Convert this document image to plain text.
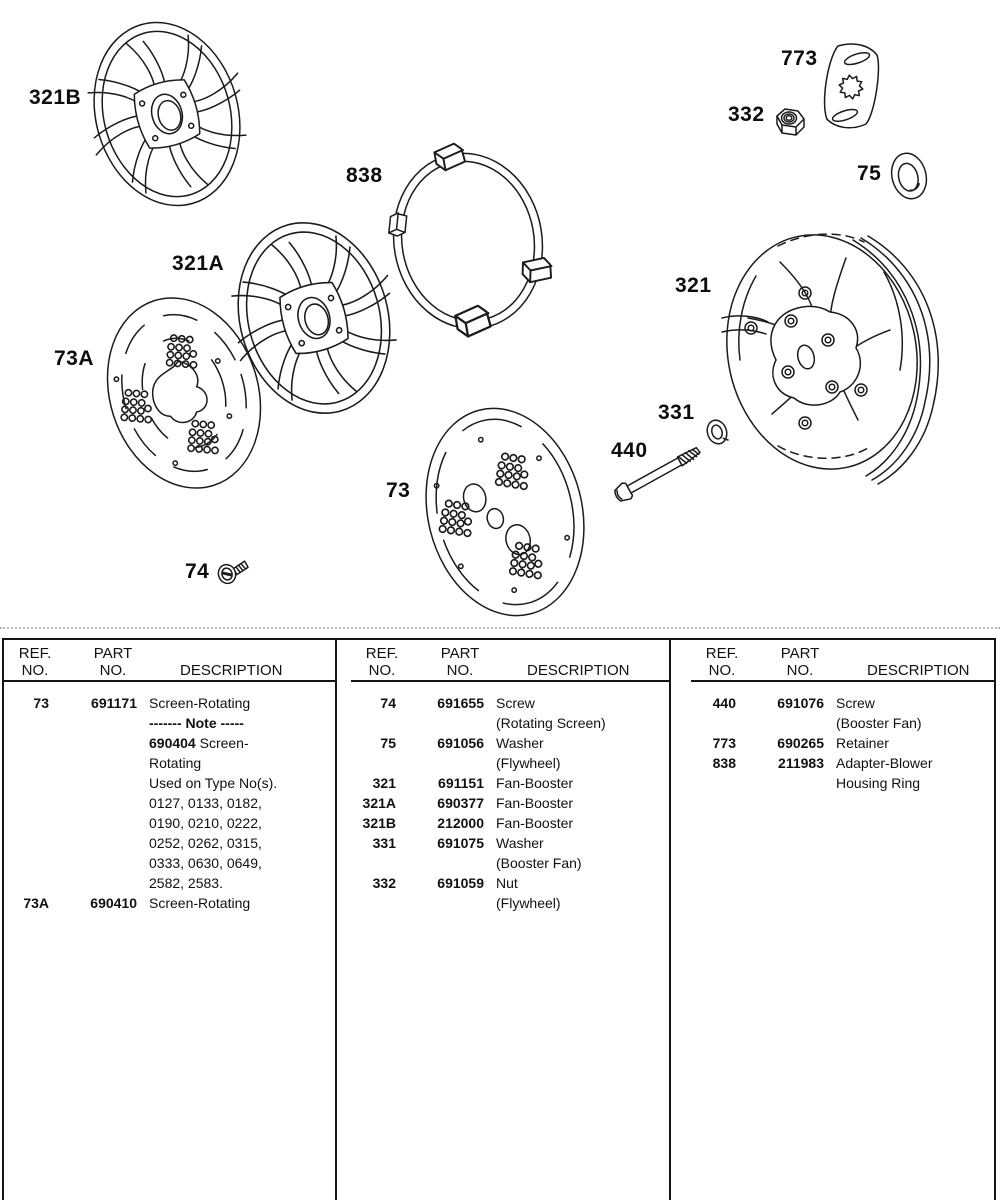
321B
321A
73A
838
773
332
75
321
331
440
73
74
REF.	PART
NO.	NO.	DESCRIPTION
73	691171 Screen-Rotating
------- Note -----
690404 Screen-
Rotating
Used on Type No(s).
0127, 0133, 0182,
0190, 0210, 0222,
0252, 0262, 0315,
0333, 0630, 0649,
2582, 2583.
73A	690410 Screen-Rotating
REF.	PART
NO.	NO.	DESCRIPTION
74	691655 Screw
(Rotating Screen)
75	691056 Washer
(Flywheel)
321	691151 Fan-Booster
321A	690377 Fan-Booster
321B	212000 Fan-Booster
331	691075 Washer
(Booster Fan)
332	691059 Nut
(Flywheel)
REF.	PART
NO.	NO.	DESCRIPTION
440	691076 Screw
(Booster Fan)
773	690265 Retainer
838	211983 Adapter-Blower
Housing Ring
